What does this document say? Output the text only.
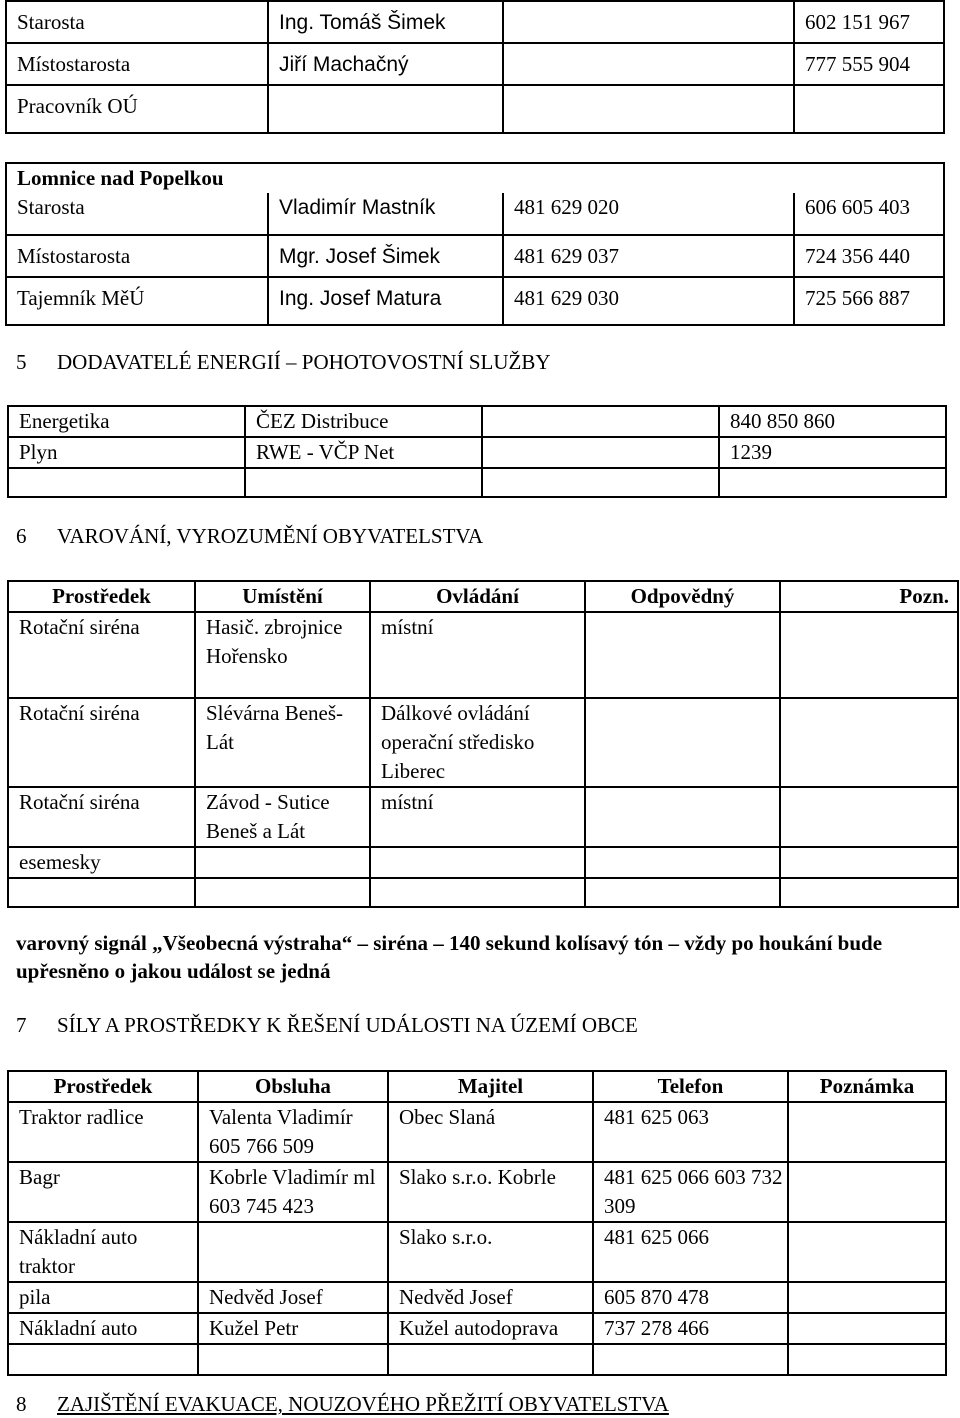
Starosta	Ing. Tomáš Šimek		602 151 967
Místostarosta	Jiří Machačný		777 555 904
Pracovník OÚ			
Lomnice nad Popelkou			
Starosta	Vladimír Mastník	481 629 020	606 605 403
Místostarosta	Mgr. Josef Šimek	481 629 037	724 356 440
Tajemník MěÚ	Ing. Josef Matura	481 629 030	725 566 887
5 DODAVATELÉ ENERGIÍ – POHOTOVOSTNÍ SLUŽBY
Energetika	ČEZ Distribuce		840 850 860
Plyn	RWE - VČP Net		1239

6 VAROVÁNÍ, VYROZUMĚNÍ OBYVATELSTVA
Prostředek	Umístění	Ovládání	Odpovědný	Pozn.
Rotační siréna	Hasič. zbrojnice Hořensko	místní		
Rotační siréna	Slévárna Beneš-Lát	Dálkové ovládání operační středisko Liberec		
Rotační siréna	Závod - Sutice Beneš a Lát	místní		
esemesky				

varovný signál „Všeobecná výstraha“ – siréna – 140 sekund kolísavý tón – vždy po houkání bude upřesněno o jakou událost se jedná
7 SÍLY A PROSTŘEDKY K ŘEŠENÍ UDÁLOSTI NA ÚZEMÍ OBCE
Prostředek	Obsluha	Majitel	Telefon	Poznámka
Traktor radlice	Valenta Vladimír 605 766 509	Obec Slaná	481 625 063	
Bagr	Kobrle Vladimír ml 603 745 423	Slako s.r.o. Kobrle	481 625 066 603 732 309	
Nákladní auto traktor		Slako s.r.o.	481 625 066	
pila	Nedvěd Josef	Nedvěd Josef	605 870 478	
Nákladní auto	Kužel Petr	Kužel autodoprava	737 278 466	

8 ZAJIŠTĚNÍ EVAKUACE, NOUZOVÉHO PŘEŽITÍ OBYVATELSTVA
